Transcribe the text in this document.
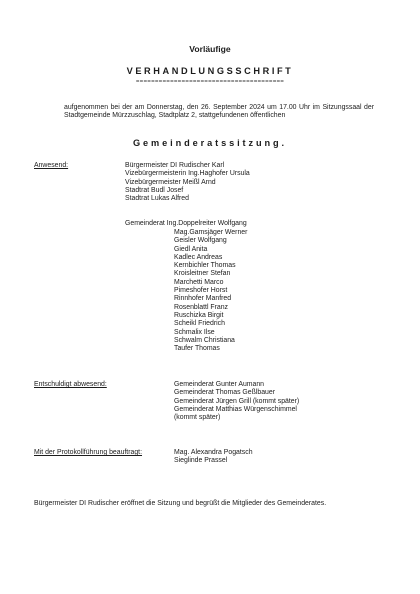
Vorläufige
VERHANDLUNGSSCHRIFT
=======================================
aufgenommen bei der am Donnerstag, den 26. September 2024 um 17.00 Uhr im Sitzungssaal der Stadtgemeinde Mürzzuschlag, Stadtplatz 2, stattgefundenen öffentlichen
Gemeinderatssitzung.
Anwesend:	Bürgermeister DI Rudischer Karl
Vizebürgermeisterin Ing.Haghofer Ursula
Vizebürgermeister Meißl Arnd
Stadtrat Budl Josef
Stadtrat Lukas Alfred
Gemeinderat Ing.Doppelreiter Wolfgang
Mag.Gamsjäger Werner
Geisler Wolfgang
Giedl Anita
Kadlec Andreas
Kernbichler Thomas
Kroisleitner Stefan
Marchetti Marco
Pimeshofer Horst
Rinnhofer Manfred
Rosenblattl Franz
Ruschizka Birgit
Scheikl Friedrich
Schmalix Ilse
Schwalm Christiana
Taufer Thomas
Entschuldigt abwesend:	Gemeinderat Gunter Aumann
Gemeinderat Thomas Geßlbauer
Gemeinderat Jürgen Grill (kommt später)
Gemeinderat Matthias Würgenschimmel
(kommt später)
Mit der Protokollführung beauftragt:	Mag. Alexandra Pogatsch
Sieglinde Prassel
Bürgermeister DI Rudischer eröffnet die Sitzung und begrüßt die Mitglieder des Gemeinderates.
